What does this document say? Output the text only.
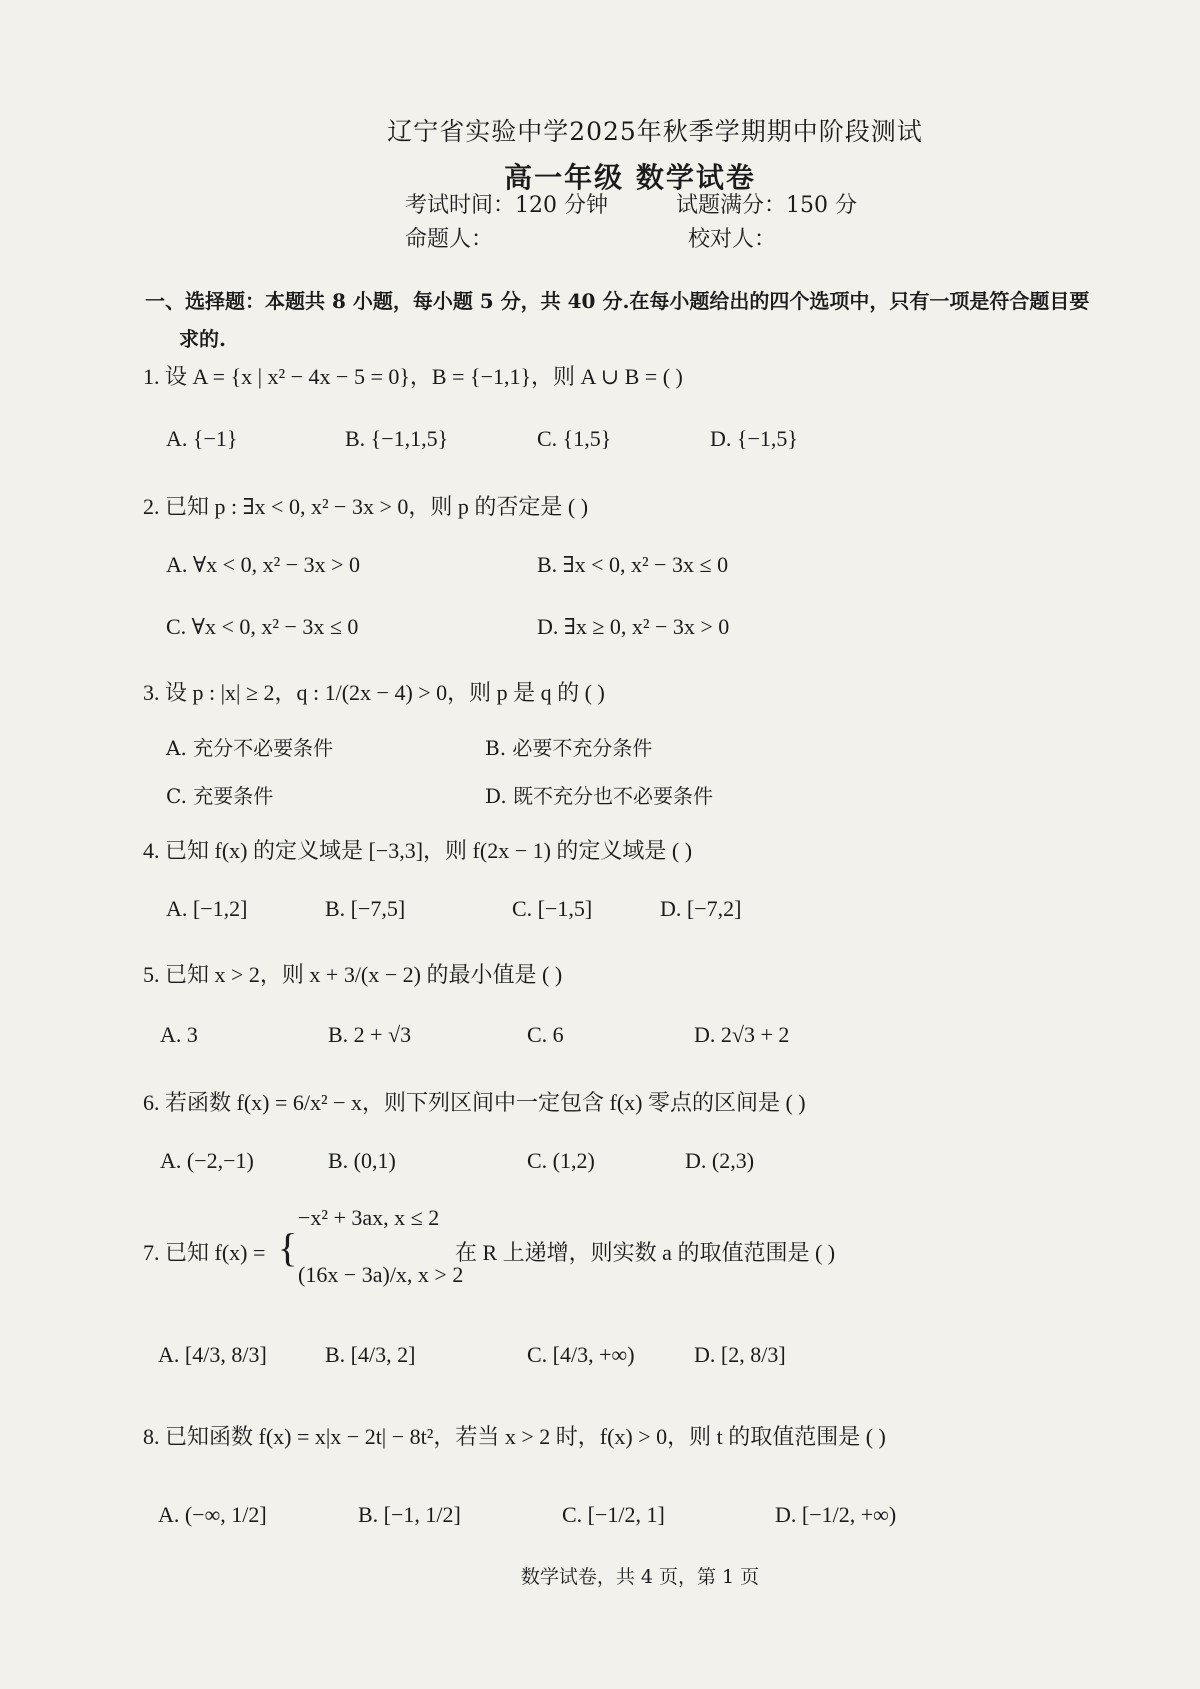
辽宁省实验中学2025年秋季学期期中阶段测试
高一年级 数学试卷
考试时间：120 分钟	试题满分：150 分
命题人：	校对人：
一、选择题：本题共 8 小题，每小题 5 分，共 40 分.在每小题给出的四个选项中，只有一项是符合题目要
求的.
1. 设 A = {x | x² − 4x − 5 = 0}，B = {−1,1}，则 A ∪ B = ( )
A. {−1}	B. {−1,1,5}	C. {1,5}	D. {−1,5}
2. 已知 p : ∃x < 0, x² − 3x > 0，则 p 的否定是 ( )
A. ∀x < 0, x² − 3x > 0	B. ∃x < 0, x² − 3x ≤ 0
C. ∀x < 0, x² − 3x ≤ 0	D. ∃x ≥ 0, x² − 3x > 0
3. 设 p : |x| ≥ 2，q : 1/(2x − 4) > 0，则 p 是 q 的 ( )
A. 充分不必要条件	B. 必要不充分条件
C. 充要条件	D. 既不充分也不必要条件
4. 已知 f(x) 的定义域是 [−3,3]，则 f(2x − 1) 的定义域是 ( )
A. [−1,2]	B. [−7,5]	C. [−1,5]	D. [−7,2]
5. 已知 x > 2，则 x + 3/(x − 2) 的最小值是 ( )
A. 3	B. 2 + √3	C. 6	D. 2√3 + 2
6. 若函数 f(x) = 6/x² − x，则下列区间中一定包含 f(x) 零点的区间是 ( )
A. (−2,−1)	B. (0,1)	C. (1,2)	D. (2,3)
7. 已知 f(x) = {
−x² + 3ax, x ≤ 2
(16x − 3a)/x, x > 2
在 R 上递增，则实数 a 的取值范围是 ( )
A. [4/3, 8/3]	B. [4/3, 2]	C. [4/3, +∞)	D. [2, 8/3]
8. 已知函数 f(x) = x|x − 2t| − 8t²，若当 x > 2 时，f(x) > 0，则 t 的取值范围是 ( )
A. (−∞, 1/2]	B. [−1, 1/2]	C. [−1/2, 1]	D. [−1/2, +∞)
数学试卷，共 4 页，第 1 页
